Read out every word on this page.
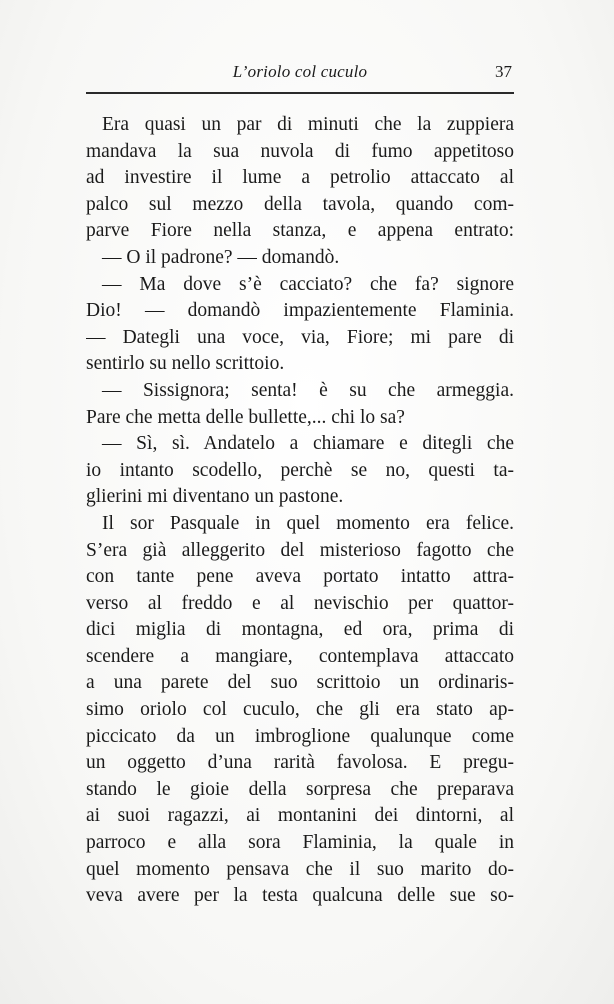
L’oriolo col cuculo	37
Era quasi un par di minuti che la zuppiera
mandava la sua nuvola di fumo appetitoso
ad investire il lume a petrolio attaccato al
palco sul mezzo della tavola, quando com-
parve Fiore nella stanza, e appena entrato:
— O il padrone? — domandò.
— Ma dove s’è cacciato? che fa? signore
Dio! — domandò impazientemente Flaminia.
— Dategli una voce, via, Fiore; mi pare di
sentirlo su nello scrittoio.
— Sissignora; senta! è su che armeggia.
Pare che metta delle bullette,... chi lo sa?
— Sì, sì. Andatelo a chiamare e ditegli che
io intanto scodello, perchè se no, questi ta-
glierini mi diventano un pastone.
Il sor Pasquale in quel momento era felice.
S’era già alleggerito del misterioso fagotto che
con tante pene aveva portato intatto attra-
verso al freddo e al nevischio per quattor-
dici miglia di montagna, ed ora, prima di
scendere a mangiare, contemplava attaccato
a una parete del suo scrittoio un ordinaris-
simo oriolo col cuculo, che gli era stato ap-
piccicato da un imbroglione qualunque come
un oggetto d’una rarità favolosa. E pregu-
stando le gioie della sorpresa che preparava
ai suoi ragazzi, ai montanini dei dintorni, al
parroco e alla sora Flaminia, la quale in
quel momento pensava che il suo marito do-
veva avere per la testa qualcuna delle sue so-
